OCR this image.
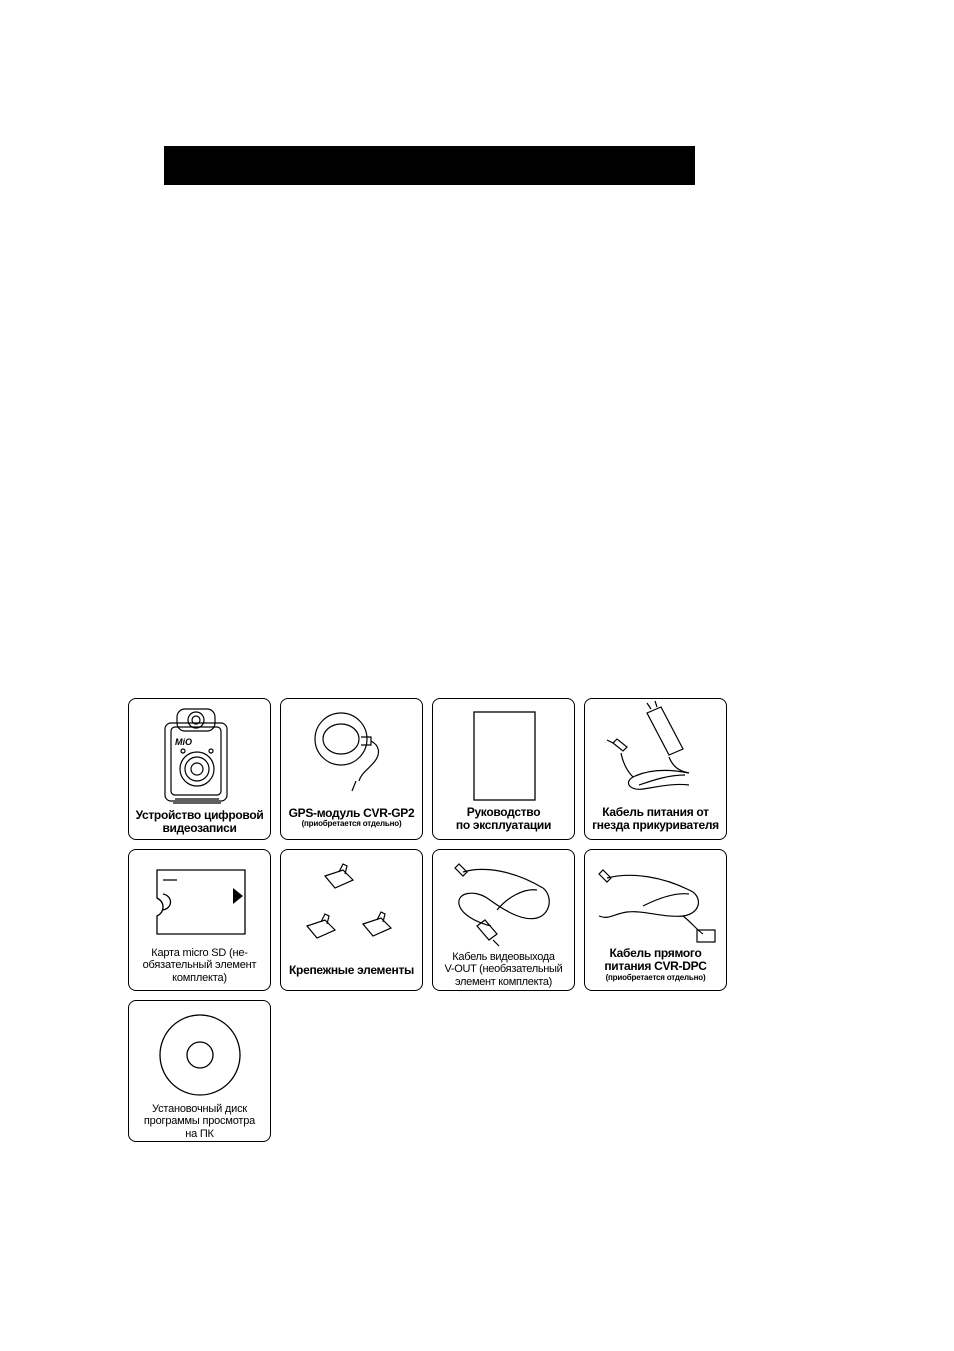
MiO
Устройство цифровой
видеозаписи
GPS-модуль CVR-GP2
(приобретается отдельно)
Руководство
по эксплуатации
Кабель питания от
гнезда прикуривателя
Карта micro SD (не-
обязательный элемент
комплекта)
Крепежные элементы
Кабель видеовыхода
V-OUT (необязательный
элемент комплекта)
Кабель прямого
питания CVR-DPC
(приобретается отдельно)
Установочный диск
программы просмотра
на ПК
